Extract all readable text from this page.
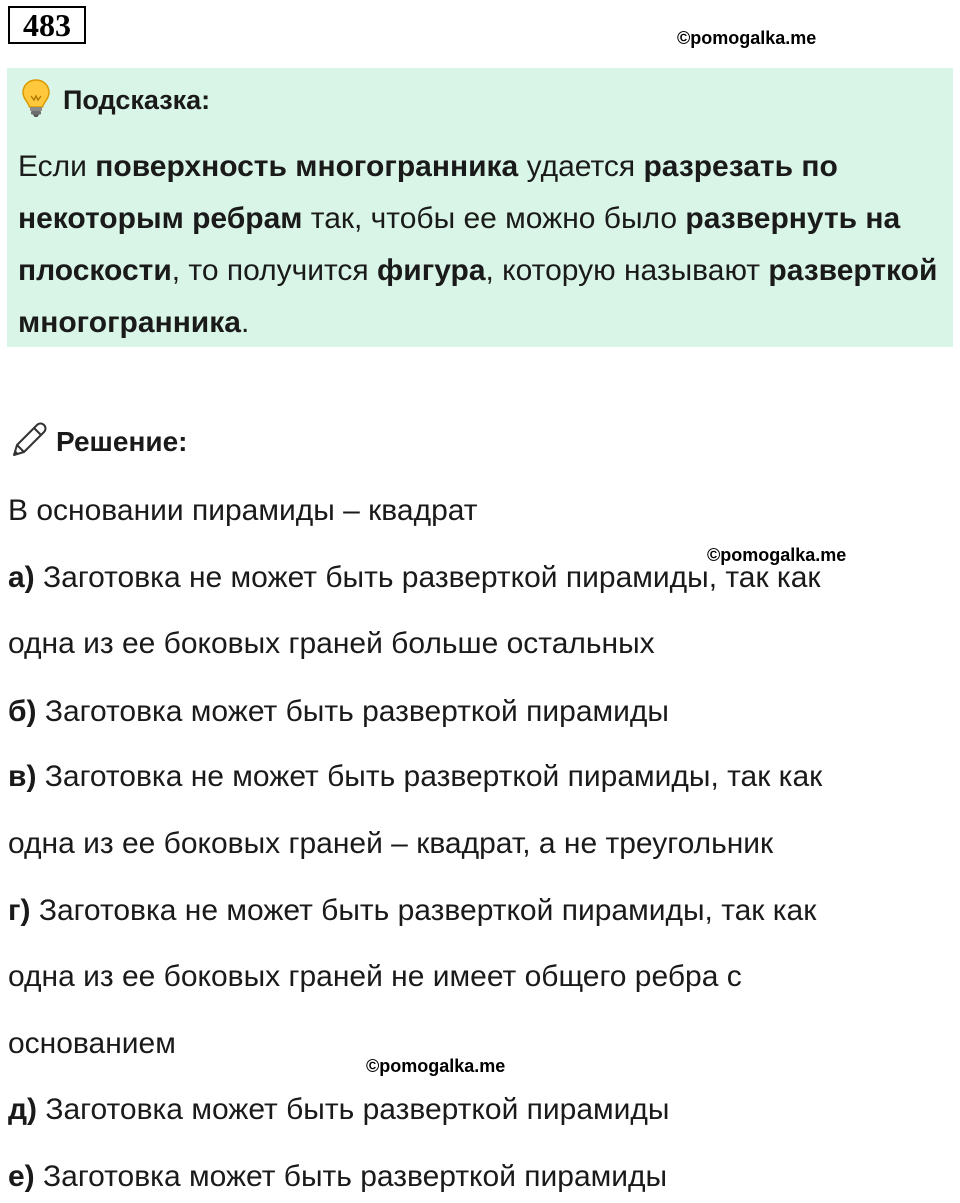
483	©pomogalka.me
Подсказка:
Если поверхность многогранника удается разрезать по некоторым ребрам так, чтобы ее можно было развернуть на плоскости, то получится фигура, которую называют разверткой многогранника.
Решение:
В основании пирамиды – квадрат
©pomogalka.me
а) Заготовка не может быть разверткой пирамиды, так как
одна из ее боковых граней больше остальных
б) Заготовка может быть разверткой пирамиды
в) Заготовка не может быть разверткой пирамиды, так как
одна из ее боковых граней – квадрат, а не треугольник
г) Заготовка не может быть разверткой пирамиды, так как
одна из ее боковых граней не имеет общего ребра с
основанием
©pomogalka.me
д) Заготовка может быть разверткой пирамиды
е) Заготовка может быть разверткой пирамиды
